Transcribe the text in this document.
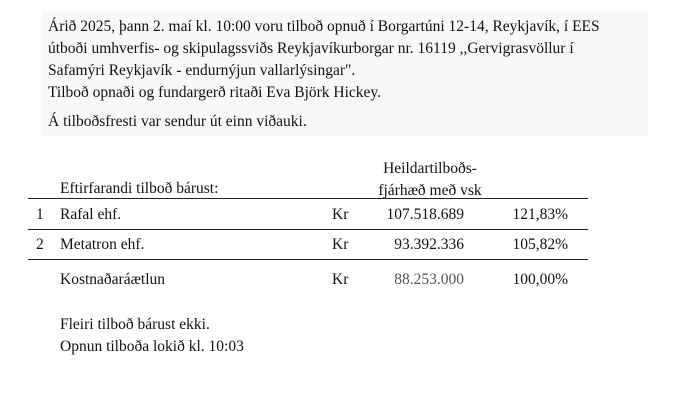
Árið 2025, þann 2. maí kl. 10:00 voru tilboð opnuð í Borgartúni 12-14, Reykjavík, í EES
útboði umhverfis- og skipulagssviðs Reykjavíkurborgar nr. 16119 ,,Gervigrasvöllur í
Safamýri Reykjavík - endurnýjun vallarlýsingar".
Tilboð opnaði og fundargerð ritaði Eva Björk Hickey.

Á tilboðsfresti var sendur út einn viðauki.
Heildartilboðs-
fjárhæð með vsk
Eftirfarandi tilboð bárust:
1 Rafal ehf.	Kr	107.518.689	121,83%
2 Metatron ehf.	Kr	93.392.336	105,82%
Kostnaðaráætlun	Kr	88.253.000	100,00%
Fleiri tilboð bárust ekki.
Opnun tilboða lokið kl. 10:03
